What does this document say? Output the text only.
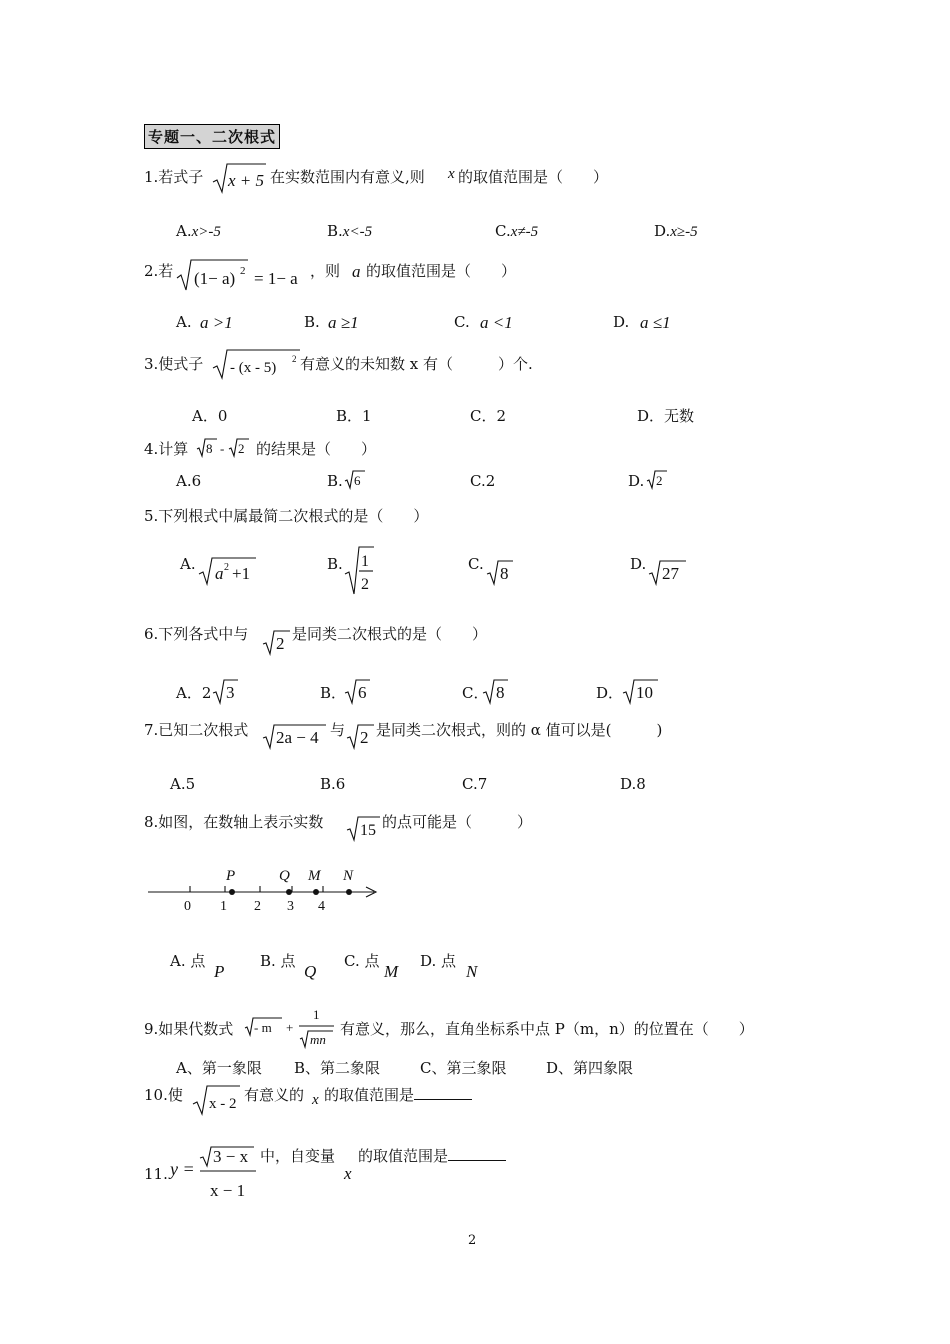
专题一、二次根式
1.若式子 x + 5 在实数范围内有意义,则 x 的取值范围是（　　）
A.x>-5	B.x<-5	C.x≠-5	D.x≥-5
2.若 (1− a) 2 = 1− a ，则 a 的取值范围是（　　）
A. a >1	B. a ≥1	C. a <1	D. a ≤1
3.使式子 - (x - 5)
2 有意义的未知数 x 有（　　　）个.
A．0	B．1	C．2	D．无数
4.计算 8 - 2 的结果是（　　）
A.6	B. 6	C.2	D. 2
5.下列根式中属最简二次根式的是（　　）
A. a 2 +1	B. 1
2
C. 8	D. 27
6.下列各式中与 2 是同类二次根式的是（　　）
A．2 3	B． 6	C． 8	D． 10
7.已知二次根式 2a − 4 与 2 是同类二次根式，则的 α 值可以是(　　　)
A.5	B.6	C.7	D.8
8.如图，在数轴上表示实数 15 的点可能是（　　　）
0 1 2 3 4
P	Q M N
A. 点
P
B. 点
Q
C. 点
M
D. 点
N
9.如果代数式 - m +
1
mn
有意义，那么，直角坐标系中点 P（m，n）的位置在（　　）
A、第一象限 B、第二象限	C、第三象限	D、第四象限
10.使 x - 2 有意义的 x 的取值范围是
11. y =
3 − x
x − 1
中，自变量
x
的取值范围是
2
